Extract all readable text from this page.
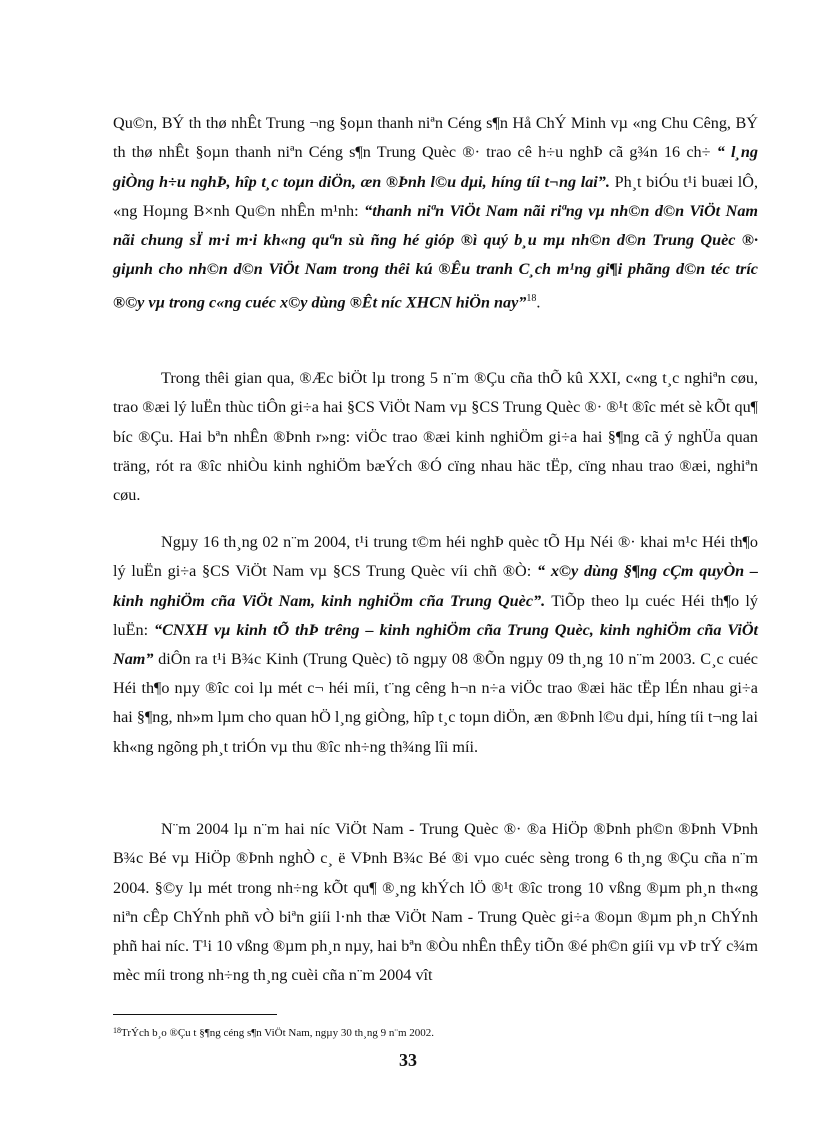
Qu©n, BÝ th thø nhÊt Trung ¬ng §oµn thanh niªn Céng s¶n Hå ChÝ Minh vµ «ng Chu Cêng, BÝ th thø nhÊt §oµn thanh niªn Céng s¶n Trung Quèc ®· trao cê h÷u nghÞ cã g¾n 16 ch÷ “ l¸ng giÒng h÷u nghÞ, hîp t¸c toµn diÖn, æn ®Þnh l©u dµi, híng tíi t¬ng lai”. Ph¸t biÓu t¹i buæi lÔ, «ng Hoµng B×nh Qu©n nhÊn m¹nh: “thanh niªn ViÖt Nam nãi riªng vµ nh©n d©n ViÖt Nam nãi chung sÏ m·i m·i kh«ng quªn sù ñng hé gióp ®ì quý b¸u mµ nh©n d©n Trung Quèc ®· giµnh cho nh©n d©n ViÖt Nam trong thêi kú ®Êu tranh C¸ch m¹ng gi¶i phãng d©n téc tríc ®©y vµ trong c«ng cuéc x©y dùng ®Êt níc XHCN hiÖn nay”$^{18}$.

Trong thêi gian qua, ®Æc biÖt lµ trong 5 n¨m ®Çu cña thÕ kû XXI, c«ng t¸c nghiªn cøu, trao ®æi lý luËn thùc tiÔn gi÷a hai §CS ViÖt Nam vµ §CS Trung Quèc ®· ®¹t ®îc mét sè kÕt qu¶ bíc ®Çu. Hai bªn nhÊn ®Þnh r»ng: viÖc trao ®æi kinh nghiÖm gi÷a hai §¶ng cã ý nghÜa quan träng, rót ra ®îc nhiÒu kinh nghiÖm bæÝch ®Ó cïng nhau häc tËp, cïng nhau trao ®æi, nghiªn cøu.

Ngµy 16 th¸ng 02 n¨m 2004, t¹i trung t©m héi nghÞ quèc tÕ Hµ Néi ®· khai m¹c Héi th¶o lý luËn gi÷a §CS ViÖt Nam vµ §CS Trung Quèc víi chñ ®Ò: “ x©y dùng §¶ng cÇm quyÒn – kinh nghiÖm cña ViÖt Nam, kinh nghiÖm cña Trung Quèc”. TiÕp theo lµ cuéc Héi th¶o lý luËn: “CNXH vµ kinh tÕ thÞ trêng – kinh nghiÖm cña Trung Quèc, kinh nghiÖm cña ViÖt Nam” diÔn ra t¹i B¾c Kinh (Trung Quèc) tõ ngµy 08 ®Õn ngµy 09 th¸ng 10 n¨m 2003. C¸c cuéc Héi th¶o nµy ®îc coi lµ mét c¬ héi míi, t¨ng cêng h¬n n÷a viÖc trao ®æi häc tËp lÉn nhau gi÷a hai §¶ng, nh»m lµm cho quan hÖ l¸ng giÒng, hîp t¸c toµn diÖn, æn ®Þnh l©u dµi, híng tíi t¬ng lai kh«ng ngõng ph¸t triÓn vµ thu ®îc nh÷ng th¾ng lîi míi.

N¨m 2004 lµ n¨m hai níc ViÖt Nam - Trung Quèc ®· ®a HiÖp ®Þnh ph©n ®Þnh VÞnh B¾c Bé vµ HiÖp ®Þnh nghÒ c¸ ë VÞnh B¾c Bé ®i vµo cuéc sèng trong 6 th¸ng ®Çu cña n¨m 2004. §©y lµ mét trong nh÷ng kÕt qu¶ ®¸ng khÝch lÖ ®¹t ®îc trong 10 vßng ®µm ph¸n th«ng niªn cÊp ChÝnh phñ vÒ biªn giíi l·nh thæ ViÖt Nam - Trung Quèc gi÷a ®oµn ®µm ph¸n ChÝnh phñ hai níc. T¹i 10 vßng ®µm ph¸n nµy, hai bªn ®Òu nhÊn thÊy tiÕn ®é ph©n giíi vµ vÞ trÝ c¾m mèc míi trong nh÷ng th¸ng cuèi cña n¨m 2004 vît

$^{18}$TrÝch b¸o ®Çu t §¶ng céng s¶n ViÖt Nam, ngµy 30 th¸ng 9 n¨m 2002.
33
